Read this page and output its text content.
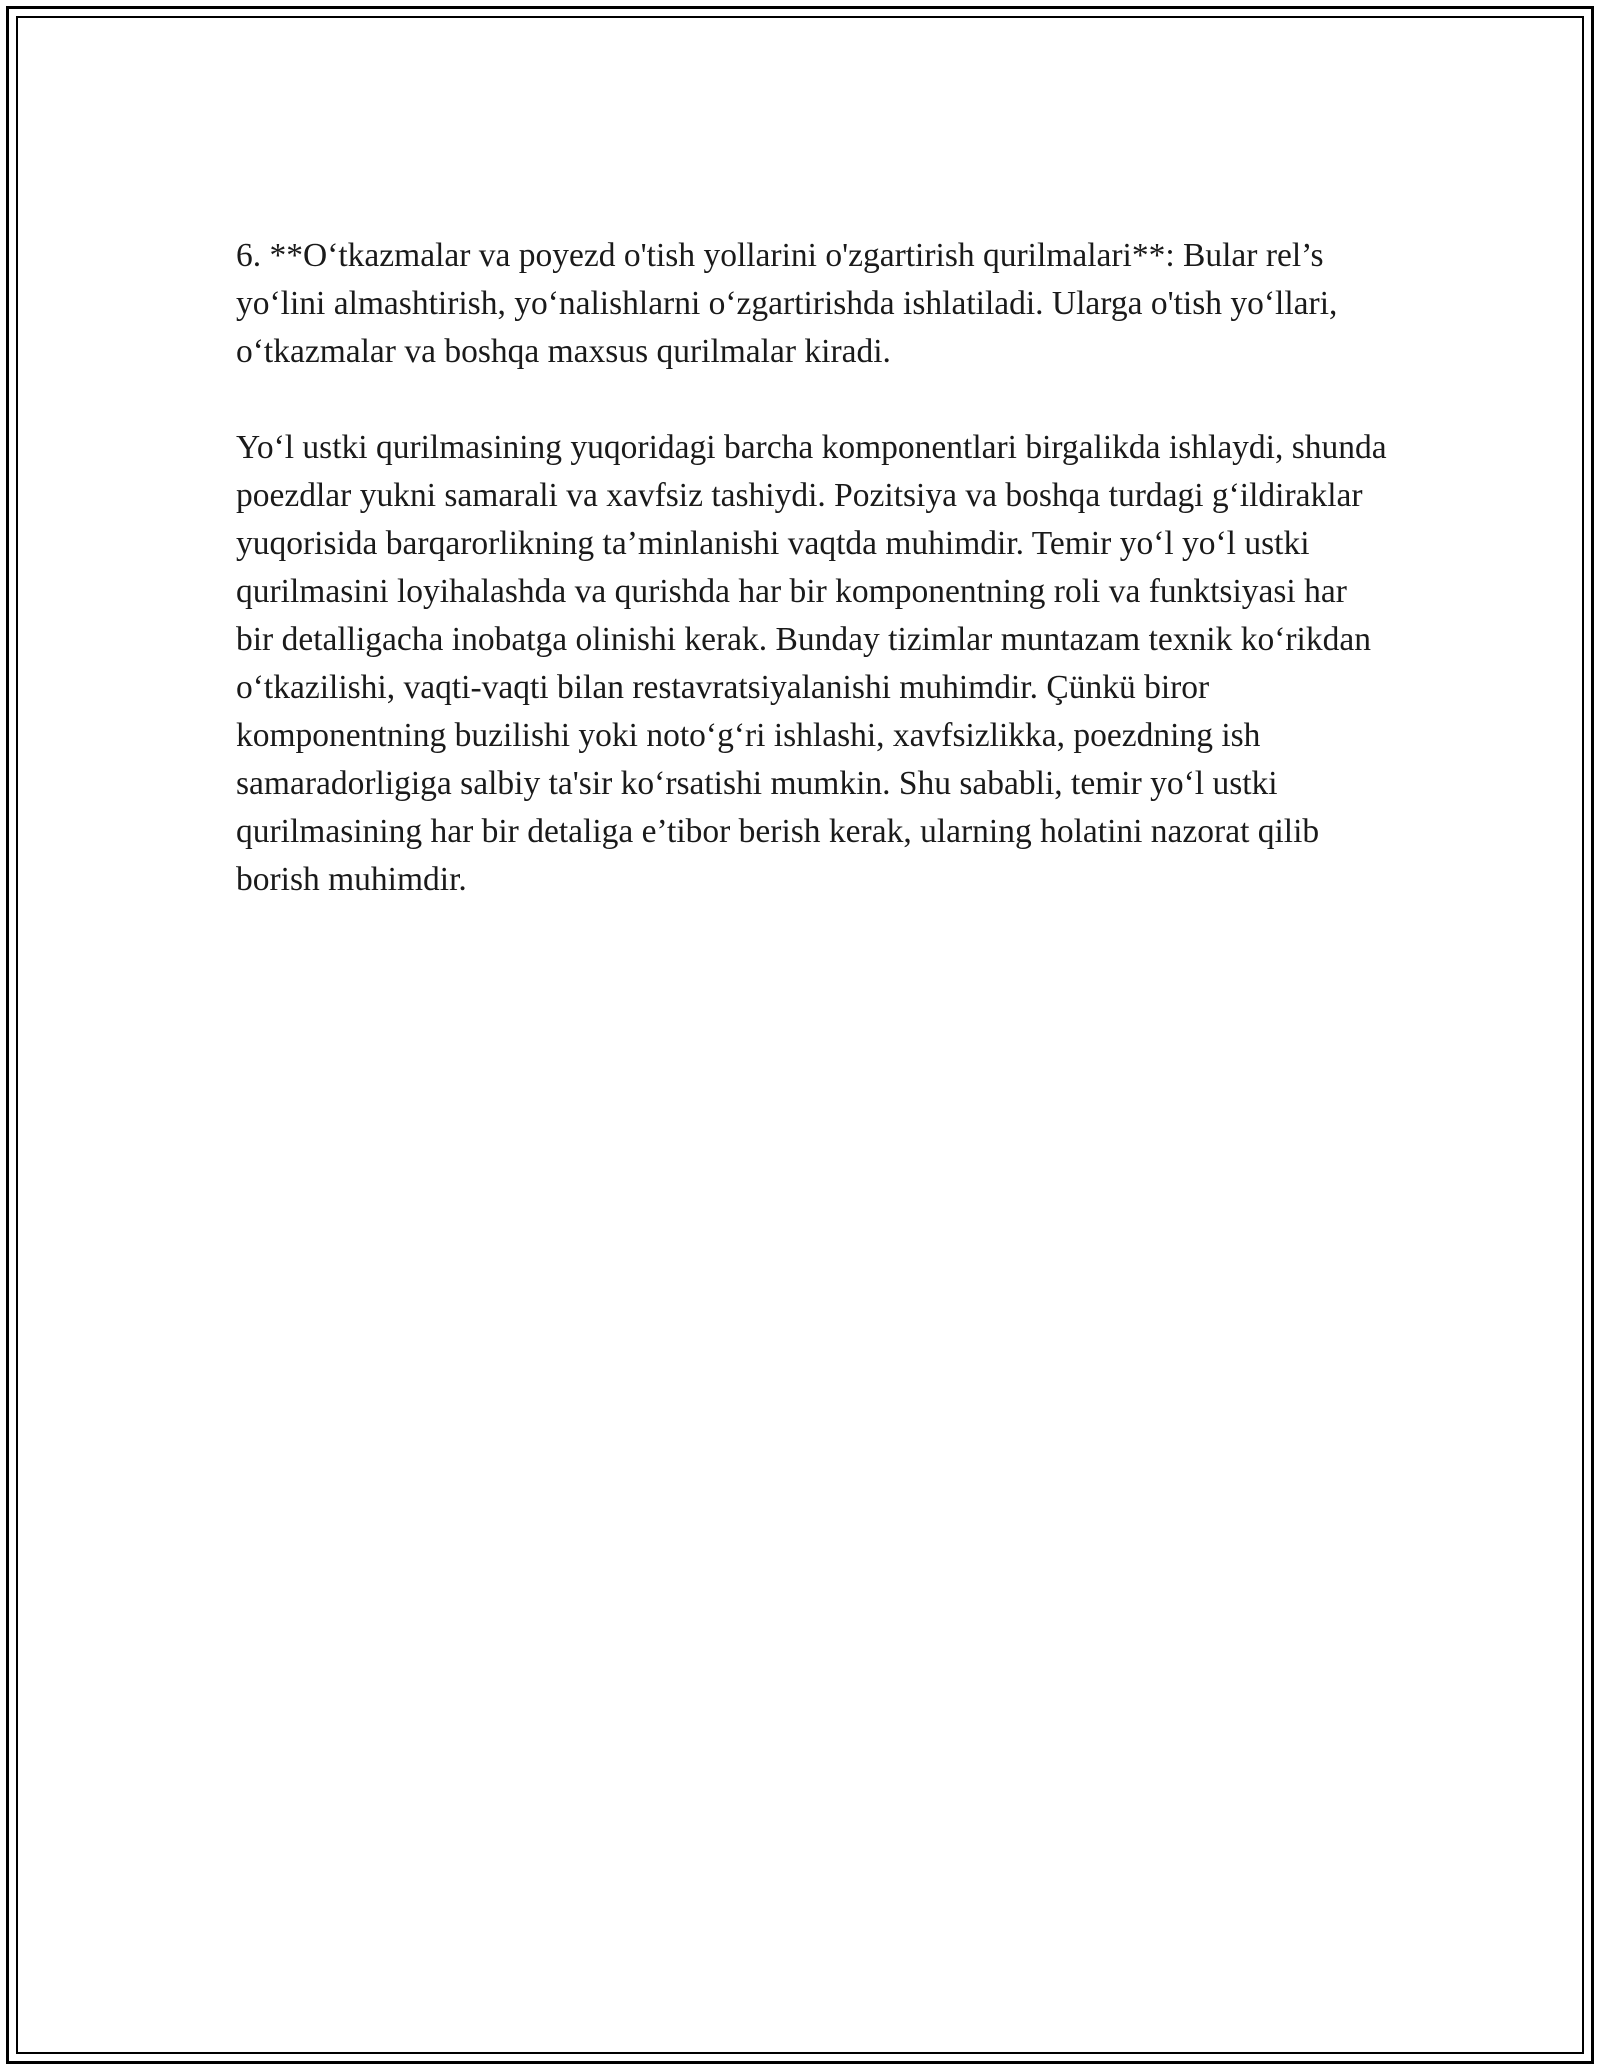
6. **O‘tkazmalar va poyezd o'tish yollarini o'zgartirish qurilmalari**: Bular rel’s yo‘lini almashtirish, yo‘nalishlarni o‘zgartirishda ishlatiladi. Ularga o'tish yo‘llari, o‘tkazmalar va boshqa maxsus qurilmalar kiradi.

Yo‘l ustki qurilmasining yuqoridagi barcha komponentlari birgalikda ishlaydi, shunda poezdlar yukni samarali va xavfsiz tashiydi. Pozitsiya va boshqa turdagi g‘ildiraklar yuqorisida barqarorlikning ta’minlanishi vaqtda muhimdir. Temir yo‘l yo‘l ustki qurilmasini loyihalashda va qurishda har bir komponentning roli va funktsiyasi har bir detalligacha inobatga olinishi kerak. Bunday tizimlar muntazam texnik ko‘rikdan o‘tkazilishi, vaqti-vaqti bilan restavratsiyalanishi muhimdir. Çünkü biror komponentning buzilishi yoki noto‘g‘ri ishlashi, xavfsizlikka, poezdning ish samaradorligiga salbiy ta'sir ko‘rsatishi mumkin. Shu sababli, temir yo‘l ustki qurilmasining har bir detaliga e’tibor berish kerak, ularning holatini nazorat qilib borish muhimdir.
